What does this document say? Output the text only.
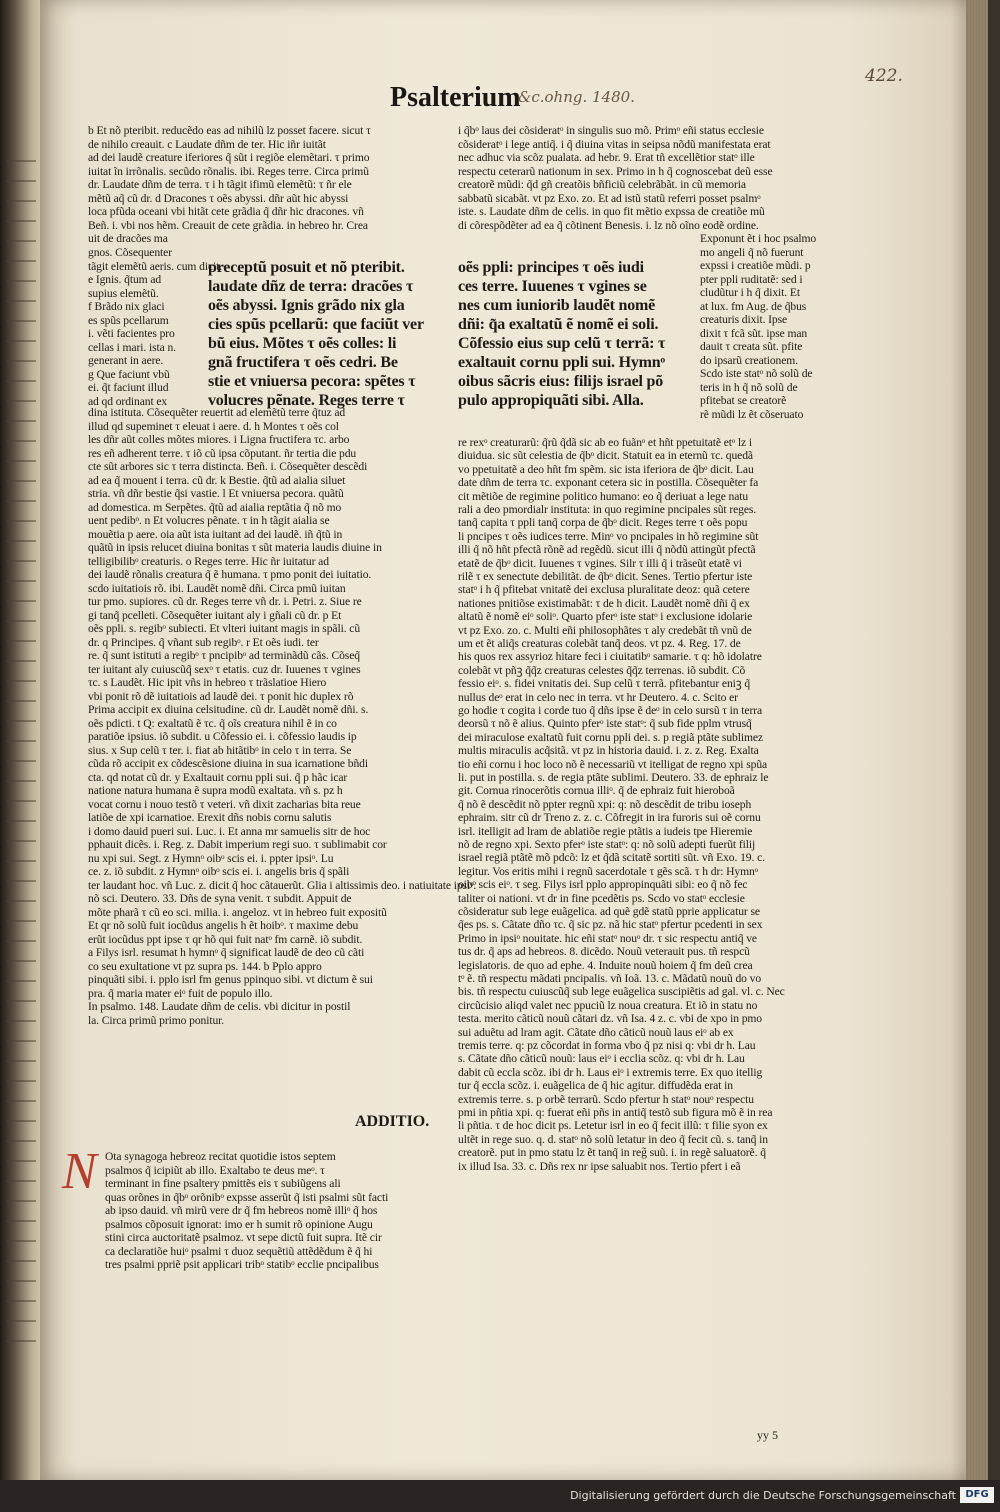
422.
Psalterium
&c.ohng. 1480.
b Et nõ pteribit. reducẽdo eas ad nihilũ lz posset facere. sicut τ
de nihilo creauit. c Laudate dñm de ter. Hic iñr iuitãt
ad dei laudẽ creature iferiores q̃ sũt i regiõe elemẽtari. τ primo
iuitat ĩn irrõnalis. secũdo rõnalis. ibi. Reges terre. Circa primũ
dr. Laudate dñm de terra. τ i h tãgit ifimũ elemẽtũ: τ ñr ele
mẽtũ aq̃ cũ dr. d Dracones τ oẽs abyssi. dñr aũt hic abyssi
loca pfũda oceani vbi hitãt cete grãdia q̃ dñr hic dracones. vñ
Beñ. i. vbi nos hẽm. Creauit de cete grãdia. in hebreo hr. Crea
uit de dracões ma
gnos. Cõsequenter
tãgit elemẽtũ aeris. cum dicit.
e Ignis. q̃tum ad
supius elemẽtũ.
f Brãdo nix glaci
es spũs pcellarum
i. vẽti facientes pro
cellas i mari. ista n.
generant in aere.
g Que faciunt vbũ
ei. q̃t faciunt illud
ad qd ordinant ex
preceptũ posuit et nõ pteribit.
laudate dñz de terra: dracões τ
oẽs abyssi. Ignis grãdo nix gla
cies spũs pcellarũ: que faciũt ver
bũ eius. Mõtes τ oẽs colles: li
gnã fructifera τ oẽs cedri. Be
stie et vniuersa pecora: spẽtes τ
volucres pẽnate. Reges terre τ
oẽs ppli: principes τ oẽs iudi
ces terre. Iuuenes τ vgines se
nes cum iuniorib laudẽt nomẽ
dñi: q̃a exaltatũ ẽ nomẽ ei soli.
Cõfessio eius sup celũ τ terrã: τ
exaltauit cornu ppli sui. Hymnᵒ
oibus sãcris eius: filijs israel põ
pulo appropiquãti sibi. Alla.
dina istituta. Cõsequẽter reuertit ad elemẽtũ terre q̃tuz ad
illud qd supeminet τ eleuat i aere. d. h Montes τ oẽs col
les dñr aũt colles mõtes miores. i Ligna fructifera τc. arbo
res eñ adherent terre. τ iõ cũ ipsa cõputant. ñr tertia die pdu
cte sũt arbores sic τ terra distincta. Beñ. i. Cõsequẽter descẽdi
ad ea q̃ mouent i terra. cũ dr. k Bestie. q̃tũ ad aialia siluet
stria. vñ dñr bestie q̃si vastie. l Et vniuersa pecora. quãtũ
ad domestica. m Serpẽtes. q̃tũ ad aialia reptãtia q̃ nõ mo
uent pedibᵒ. n Et volucres pẽnate. τ in h tãgit aialia se
mouẽtia p aere. oia aũt ista iuitant ad dei laudẽ. iñ q̃tũ in
quãtũ in ipsis relucet diuina bonitas τ sũt materia laudis diuine in
telligibilibᵒ creaturis. o Reges terre. Hic ñr iuitatur ad
dei laudẽ rõnalis creatura q̃ ẽ humana. τ pmo ponit dei iuitatio.
scdo iuitatiois rõ. ibi. Laudẽt nomẽ dñi. Circa pmũ iuitan
tur pmo. supiores. cũ dr. Reges terre vñ dr. i. Petri. z. Siue re
gi tanq̃ pcelleti. Cõsequẽter iuitant aly i gñali cũ dr. p Et
oẽs ppli. s. regibᵒ subiecti. Et vlteri iuitant magis in spãli. cũ
dr. q Principes. q̃ vñant sub regibᵒ. r Et oẽs iudi. ter
re. q̃ sunt istituti a regibᵒ τ pncipibᵒ ad terminãdũ cãs. Cõseq̃
ter iuitant aly cuiuscũq̃ sexᵒ τ etatis. cuz dr. Iuuenes τ vgines
τc. s Laudẽt. Hic ipit vñs in hebreo τ trãslatioe Hiero
vbi ponit rõ dẽ iuitatiois ad laudẽ dei. τ ponit hic duplex rõ
Prima accipit ex diuina celsitudine. cũ dr. Laudẽt nomẽ dñi. s.
oẽs pdicti. t Q: exaltatũ ẽ τc. q̃ oĩs creatura nihil ẽ in co
paratiõe ipsius. iõ subdit. u Cõfessio ei. i. cõfessio laudis ip
sius. x Sup celũ τ ter. i. fiat ab hitãtibᵒ in celo τ in terra. Se
cũda rõ accipit ex cõdescẽsione diuina in sua icarnatione bñdi
cta. qd notat cũ dr. y Exaltauit cornu ppli sui. q̃ p hãc icar
natione natura humana ẽ supra modũ exaltata. vñ s. pz h
vocat cornu i nouo testõ τ veteri. vñ dixit zacharias bita reue
latiõe de xpi icarnatioe. Erexit dñs nobis cornu salutis
i domo dauid pueri sui. Luc. i. Et anna mr samuelis sitr de hoc
pphauit dicẽs. i. Reg. z. Dabit imperium regi suo. τ sublimabit cor
nu xpi sui. Segt. z Hymnᵒ oibᵒ scis ei. i. ppter ipsiᵒ. Lu
ce. z. iõ subdit. z Hymnᵒ oibᵒ scis ei. i. angelis bris q̃ spãli
ter laudant hoc. vñ Luc. z. dicit q̃ hoc cãtauerũt. Glia i altissimis deo. i natiuitate ipsiᵒ.
nõ sci. Deutero. 33. Dñs de syna venit. τ subdit. Appuit de
mõte pharã τ cũ eo sci. milia. i. angeloz. vt in hebreo fuit expositũ
Et qr nõ solũ fuit iocũdus angelis h ẽt hoibᵒ. τ maxime debu
erũt iocũdus ppt ipse τ qr hõ qui fuit natᵒ fm carnẽ. iõ subdit.
a Filys isrl. resumat h hymnᵒ q̃ significat laudẽ de deo cũ cãti
co seu exultatione vt pz supra ps. 144. b Pplo appro
pinquãti sibi. i. pplo isrl fm genus ppinquo sibi. vt dictum ẽ sui
pra. q̃ maria mater eiᵒ fuit de populo illo.
In psalmo. 148. Laudate dñm de celis. vbi dicitur in postil
la. Circa primũ primo ponitur.
ADDITIO.
N Ota synagoga hebreoz recitat quotidie istos septem
psalmos q̃ icipiũt ab illo. Exaltabo te deus meᵒ. τ
terminant in fine psaltery pmittẽs eis τ subiũgens ali
quas orõnes in q̃bᵒ orõnibᵒ expsse asserũt q̃ isti psalmi sũt facti
ab ipso dauid. vñ mirũ vere dr q̃ fm hebreos nomẽ illiᵒ q̃ hos
psalmos cõposuit ignorat: imo er h sumit rõ opinione Augu
stini circa auctoritatẽ psalmoz. vt sepe dictũ fuit supra. Itẽ cir
ca declaratiõe huiᵒ psalmi τ duoz sequẽtiũ attẽdẽdum ẽ q̃ hi
tres psalmi ppriẽ psit applicari tribᵒ statibᵒ ecclie pncipalibus
i q̃bᵒ laus dei cõsideratᵒ in singulis suo mõ. Primᵒ eñi status ecclesie
cõsideratᵒ i lege antiq̃. i q̃ diuina vitas in seipsa nõdũ manifestata erat
nec adhuc via scõz pualata. ad hebr. 9. Erat tñ excellẽtior statᵒ ille
respectu ceterarũ nationum in sex. Primo in h q̃ cognoscebat deũ esse
creatorẽ mũdi: q̃d gñ creatõis bñficiũ celebrãbãt. in cũ memoria
sabbatũ sicabãt. vt pz Exo. zo. Et ad istũ statũ referri posset psalmᵒ
iste. s. Laudate dñm de celis. in quo fit mẽtio expssa de creatiõe mũ
di cõrespõdẽter ad ea q̃ cõtinent Benesis. i. lz nõ oĩno eodẽ ordine.
Exponunt ẽt i hoc psalmo
mo angeli q̃ nõ fuerunt
expssi i creatiõe mũdi. p
pter ppli ruditatẽ: sed i
cludũtur i h q̃ dixit. Et
at lux. fm Aug. de q̃bus
creaturis dixit. Ipse
dixit τ fcã sũt. ipse man
dauit τ creata sũt. pfite
do ipsarũ creationem.
Scdo iste statᵒ nõ solũ de
teris in h q̃ nõ solũ de
pfitebat se creatorẽ
rẽ mũdi lz ẽt cõseruato
re rexᵒ creaturarũ: q̃rũ q̃dã sic ab eo fuãnᵒ et hñt ppetuitatẽ etᵒ lz i
diuidua. sic sũt celestia de q̃bᵒ dicit. Statuit ea in eternũ τc. quedã
vo ppetuitatẽ a deo hñt fm spẽm. sic ista iferiora de q̃bᵒ dicit. Lau
date dñm de terra τc. exponant cetera sic in postilla. Cõsequẽter fa
cit mẽtiõe de regimine politico humano: eo q̃ deriuat a lege natu
rali a deo pmordialr instituta: in quo regimine pncipales sũt reges.
tanq̃ capita τ ppli tanq̃ corpa de q̃bᵒ dicit. Reges terre τ oẽs popu
li pncipes τ oẽs iudices terre. Minᵒ vo pncipales in hõ regimine sũt
illi q̃ nõ hñt pfectã rõnẽ ad regẽdũ. sicut illi q̃ nõdũ attingũt pfectã
etatẽ de q̃bᵒ dicit. Iuuenes τ vgines. Silr τ illi q̃ i trãseũt etatẽ vi
rilẽ τ ex senectute debilitãt. de q̃bᵒ dicit. Senes. Tertio pfertur iste
statᵒ i h q̃ pfitebat vnitatẽ dei exclusa pluralitate deoz: quã cetere
nationes pnitiõse existimabãt: τ de h dicit. Laudẽt nomẽ dñi q̃ ex
altatũ ẽ nomẽ eiᵒ soliᵒ. Quarto pferᵒ iste statᵒ i exclusione idolarie
vt pz Exo. zo. c. Multi eñi philosophãtes τ aly credebãt tñ vnũ de
um et ẽt aliq̃s creaturas colebãt tanq̃ deos. vt pz. 4. Reg. 17. de
his quos rex assyrioz hitare feci i ciuitatibᵒ samarie. τ q: hõ idolatre
colebãt vt pñꝫ q̃q̃z creaturas celestes q̃q̃z terrenas. iõ subdit. Cõ
fessio eiᵒ. s. fidei vnitatis dei. Sup celũ τ terrã. pfitebantur eniꝫ q̃
nullus deᵒ erat in celo nec in terra. vt hr Deutero. 4. c. Scito er
go hodie τ cogita i corde tuo q̃ dñs ipse ẽ deᵒ in celo sursũ τ in terra
deorsũ τ nõ ẽ alius. Quinto pferᵒ iste statᵒ: q̃ sub fide pplm vtrusq̃
dei miraculose exaltatũ fuit cornu ppli dei. s. p regiã ptãte sublimez
multis miraculis acq̃sitã. vt pz in historia dauid. i. z. z. Reg. Exalta
tio eñi cornu i hoc loco nõ ẽ necessariũ vt itelligat de regno xpi spũa
li. put in postilla. s. de regia ptãte sublimi. Deutero. 33. de ephraiz le
git. Cornua rinocerõtis cornua illiᵒ. q̃ de ephraiz fuit hieroboã
q̃ nõ ẽ descẽdit nõ ppter regnũ xpi: q: nõ descẽdit de tribu ioseph
ephraim. sitr cũ dr Treno z. z. c. Cõfregit in ira furoris sui oẽ cornu
isrl. itelligit ad lram de ablatiõe regie ptãtis a iudeis tpe Hieremie
nõ de regno xpi. Sexto pferᵒ iste statᵒ: q: nõ solũ adepti fuerũt filij
israel regiã ptãtẽ mõ pdcõ: lz et q̃dã scitatẽ sortiti sũt. vñ Exo. 19. c.
legitur. Vos eritis mihi i regnũ sacerdotale τ gẽs scã. τ h dr: Hymnᵒ
oibᵒ scis eiᵒ. τ seg. Filys isrl pplo appropinquãti sibi: eo q̃ nõ fec
taliter oi nationi. vt dr in fine pcedẽtis ps. Scdo vo statᵒ ecclesie
cõsideratur sub lege euãgelica. ad quẽ gdẽ statũ pprie applicatur se
q̃es ps. s. Cãtate dño τc. q̃ sic pz. nã hic statᵒ pfertur pcedenti in sex
Primo in ipsiᵒ nouitate. hic eñi statᵒ nouᵒ dr. τ sic respectu antiq̃ ve
tus dr. q̃ aps ad hebreos. 8. dicẽdo. Nouũ veterauit pus. tñ respcũ
legislatoris. de quo ad ephe. 4. Induite nouũ hoiem q̃ fm deũ crea
tᵒ ẽ. tñ respectu mãdati pncipalis. vñ Ioã. 13. c. Mãdatũ nouũ do vo
bis. tñ respectu cuiuscũq̃ sub lege euãgelica suscipiẽtis ad gal. vl. c. Nec
circũcisio aliqd valet nec ppuciũ lz noua creatura. Et iõ in statu no
testa. merito cãticũ nouũ cãtari dz. vñ Isa. 4 z. c. vbi de xpo in pmo
sui aduẽtu ad lram agit. Cãtate dño cãticũ nouũ laus eiᵒ ab ex
tremis terre. q: pz cõcordat in forma vbo q̃ pz nisi q: vbi dr h. Lau
s. Cãtate dño cãticũ nouũ: laus eiᵒ i ecclia scõz. q: vbi dr h. Lau
dabit cũ eccla scõz. ibi dr h. Laus eiᵒ i extremis terre. Ex quo itellig
tur q̃ eccla scõz. i. euãgelica de q̃ hic agitur. diffudẽda erat in
extremis terre. s. p orbẽ terrarũ. Scdo pfertur h statᵒ nouᵒ respectu
pmi in pñtia xpi. q: fuerat eñi pñs in antiq̃ testõ sub figura mõ ẽ in rea
li pñtia. τ de hoc dicit ps. Letetur isrl in eo q̃ fecit illũ: τ filie syon ex
ultẽt in rege suo. q. d. statᵒ nõ solũ letatur in deo q̃ fecit cũ. s. tanq̃ in
creatorẽ. put in pmo statu lz ẽt tanq̃ in reg̃ suũ. i. in regẽ saluatorẽ. q̃
ix illud Isa. 33. c. Dñs rex nr ipse saluabit nos. Tertio pfert i eã
yy 5
Digitalisierung gefördert durch die Deutsche Forschungsgemeinschaft DFG
